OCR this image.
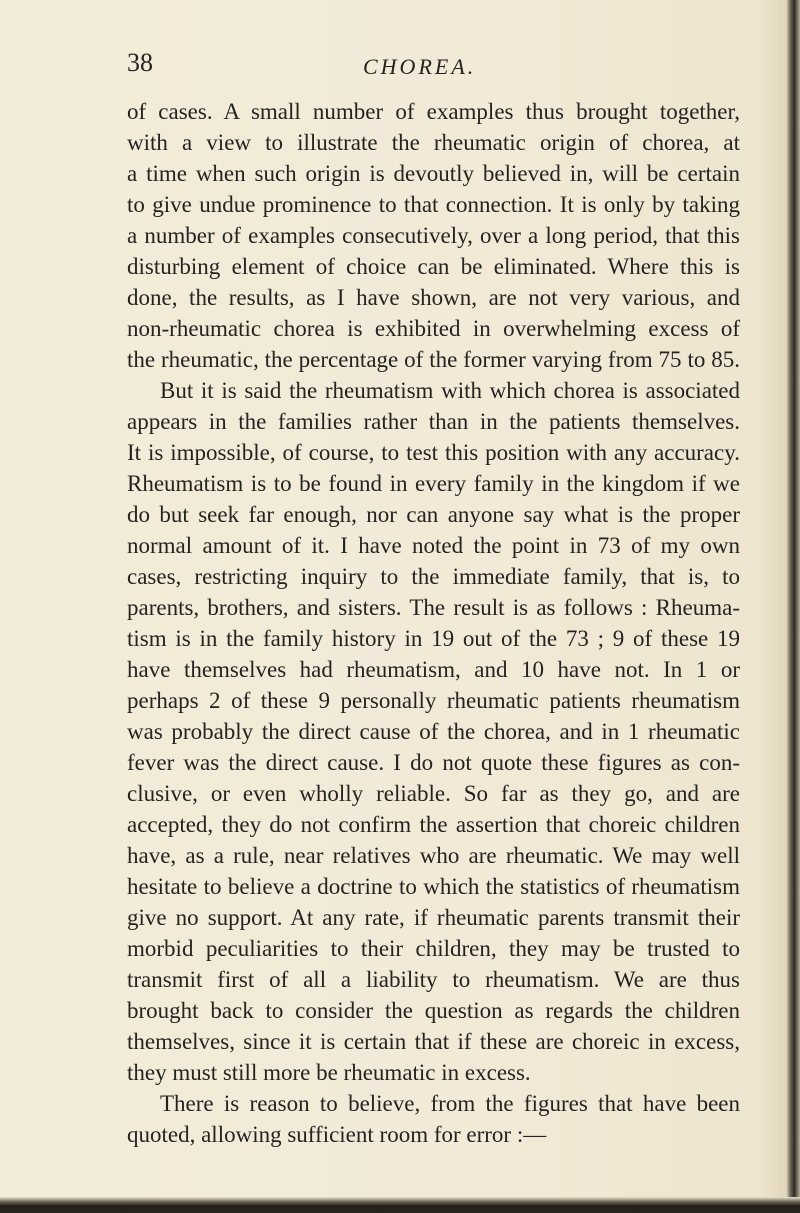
38	CHOREA.
of cases. A small number of examples thus brought together,
with a view to illustrate the rheumatic origin of chorea, at
a time when such origin is devoutly believed in, will be certain
to give undue prominence to that connection. It is only by taking
a number of examples consecutively, over a long period, that this
disturbing element of choice can be eliminated. Where this is
done, the results, as I have shown, are not very various, and
non-rheumatic chorea is exhibited in overwhelming excess of
the rheumatic, the percentage of the former varying from 75 to 85.
But it is said the rheumatism with which chorea is associated
appears in the families rather than in the patients themselves.
It is impossible, of course, to test this position with any accuracy.
Rheumatism is to be found in every family in the kingdom if we
do but seek far enough, nor can anyone say what is the proper
normal amount of it. I have noted the point in 73 of my own
cases, restricting inquiry to the immediate family, that is, to
parents, brothers, and sisters. The result is as follows : Rheuma-
tism is in the family history in 19 out of the 73 ; 9 of these 19
have themselves had rheumatism, and 10 have not. In 1 or
perhaps 2 of these 9 personally rheumatic patients rheumatism
was probably the direct cause of the chorea, and in 1 rheumatic
fever was the direct cause. I do not quote these figures as con-
clusive, or even wholly reliable. So far as they go, and are
accepted, they do not confirm the assertion that choreic children
have, as a rule, near relatives who are rheumatic. We may well
hesitate to believe a doctrine to which the statistics of rheumatism
give no support. At any rate, if rheumatic parents transmit their
morbid peculiarities to their children, they may be trusted to
transmit first of all a liability to rheumatism. We are thus
brought back to consider the question as regards the children
themselves, since it is certain that if these are choreic in excess,
they must still more be rheumatic in excess.
There is reason to believe, from the figures that have been
quoted, allowing sufficient room for error :—
